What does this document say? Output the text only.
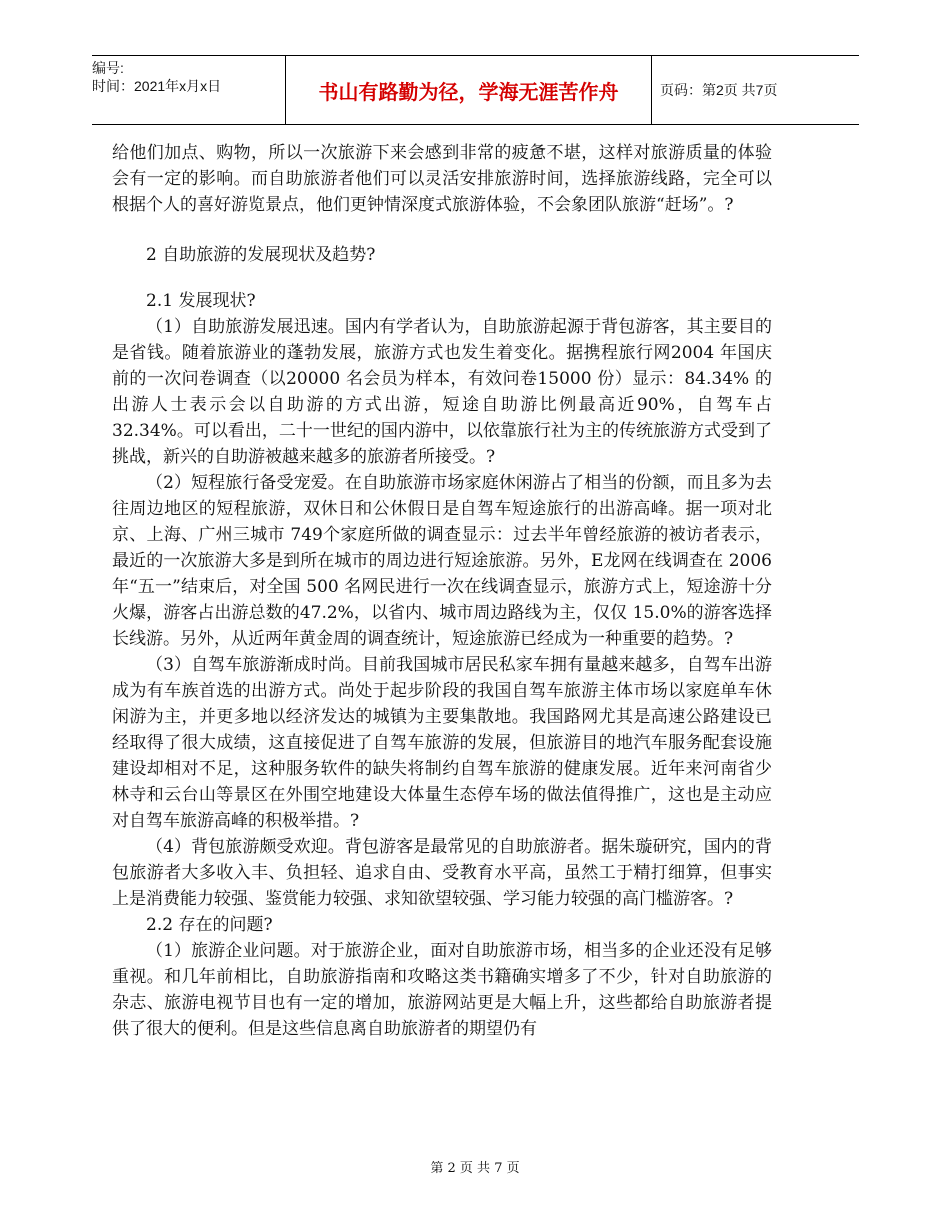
编号:
时间：2021年x月x日	书山有路勤为径，学海无涯苦作舟	页码：第2页 共7页

给他们加点、购物，所以一次旅游下来会感到非常的疲惫不堪，这样对旅游质量的体验会有一定的影响。而自助旅游者他们可以灵活安排旅游时间，选择旅游线路，完全可以根据个人的喜好游览景点，他们更钟情深度式旅游体验，不会象团队旅游“赶场”。?

2 自助旅游的发展现状及趋势?

2.1 发展现状?

（1）自助旅游发展迅速。国内有学者认为，自助旅游起源于背包游客，其主要目的是省钱。随着旅游业的蓬勃发展，旅游方式也发生着变化。据携程旅行网2004 年国庆前的一次问卷调查（以20000 名会员为样本，有效问卷15000 份）显示：84.34% 的出游人士表示会以自助游的方式出游，短途自助游比例最高近90%，自驾车占32.34%。可以看出，二十一世纪的国内游中，以依靠旅行社为主的传统旅游方式受到了挑战，新兴的自助游被越来越多的旅游者所接受。?

（2）短程旅行备受宠爱。在自助旅游市场家庭休闲游占了相当的份额，而且多为去往周边地区的短程旅游，双休日和公休假日是自驾车短途旅行的出游高峰。据一项对北京、上海、广州三城市 749个家庭所做的调查显示：过去半年曾经旅游的被访者表示，最近的一次旅游大多是到所在城市的周边进行短途旅游。另外，E龙网在线调查在 2006 年“五一”结束后，对全国 500 名网民进行一次在线调查显示，旅游方式上，短途游十分火爆，游客占出游总数的47.2%，以省内、城市周边路线为主，仅仅 15.0%的游客选择长线游。另外，从近两年黄金周的调查统计，短途旅游已经成为一种重要的趋势。?

（3）自驾车旅游渐成时尚。目前我国城市居民私家车拥有量越来越多，自驾车出游成为有车族首选的出游方式。尚处于起步阶段的我国自驾车旅游主体市场以家庭单车休闲游为主，并更多地以经济发达的城镇为主要集散地。我国路网尤其是高速公路建设已经取得了很大成绩，这直接促进了自驾车旅游的发展，但旅游目的地汽车服务配套设施建设却相对不足，这种服务软件的缺失将制约自驾车旅游的健康发展。近年来河南省少林寺和云台山等景区在外围空地建设大体量生态停车场的做法值得推广，这也是主动应对自驾车旅游高峰的积极举措。?

（4）背包旅游颇受欢迎。背包游客是最常见的自助旅游者。据朱璇研究，国内的背包旅游者大多收入丰、负担轻、追求自由、受教育水平高，虽然工于精打细算，但事实上是消费能力较强、鉴赏能力较强、求知欲望较强、学习能力较强的高门槛游客。?

2.2 存在的问题?

（1）旅游企业问题。对于旅游企业，面对自助旅游市场，相当多的企业还没有足够重视。和几年前相比，自助旅游指南和攻略这类书籍确实增多了不少，针对自助旅游的杂志、旅游电视节目也有一定的增加，旅游网站更是大幅上升，这些都给自助旅游者提供了很大的便利。但是这些信息离自助旅游者的期望仍有

第 2 页 共 7 页
